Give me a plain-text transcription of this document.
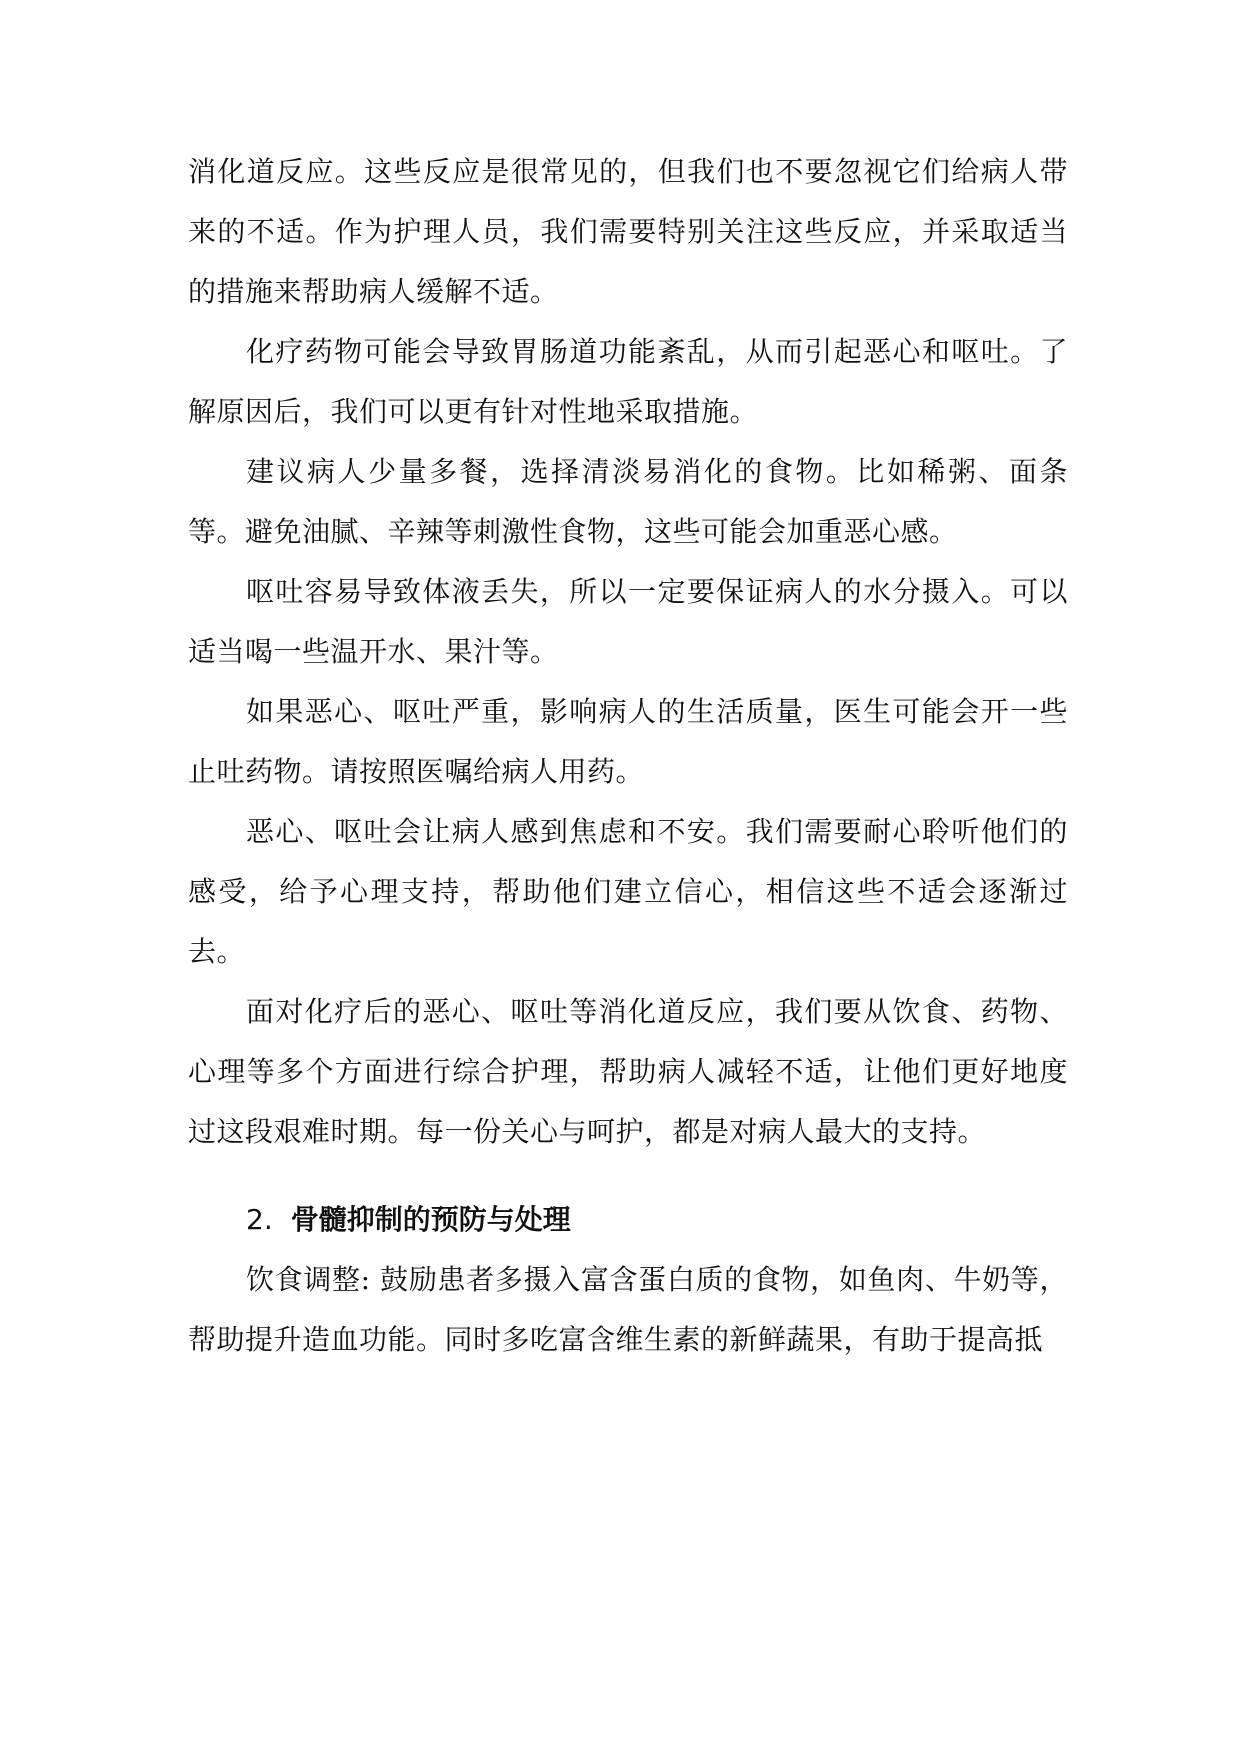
消化道反应。这些反应是很常见的，但我们也不要忽视它们给病人带来的不适。作为护理人员，我们需要特别关注这些反应，并采取适当的措施来帮助病人缓解不适。

化疗药物可能会导致胃肠道功能紊乱，从而引起恶心和呕吐。了解原因后，我们可以更有针对性地采取措施。

建议病人少量多餐，选择清淡易消化的食物。比如稀粥、面条等。避免油腻、辛辣等刺激性食物，这些可能会加重恶心感。

呕吐容易导致体液丢失，所以一定要保证病人的水分摄入。可以适当喝一些温开水、果汁等。

如果恶心、呕吐严重，影响病人的生活质量，医生可能会开一些止吐药物。请按照医嘱给病人用药。

恶心、呕吐会让病人感到焦虑和不安。我们需要耐心聆听他们的感受，给予心理支持，帮助他们建立信心，相信这些不适会逐渐过去。

面对化疗后的恶心、呕吐等消化道反应，我们要从饮食、药物、心理等多个方面进行综合护理，帮助病人减轻不适，让他们更好地度过这段艰难时期。每一份关心与呵护，都是对病人最大的支持。

2. 骨髓抑制的预防与处理

饮食调整: 鼓励患者多摄入富含蛋白质的食物，如鱼肉、牛奶等，帮助提升造血功能。同时多吃富含维生素的新鲜蔬果，有助于提高抵
